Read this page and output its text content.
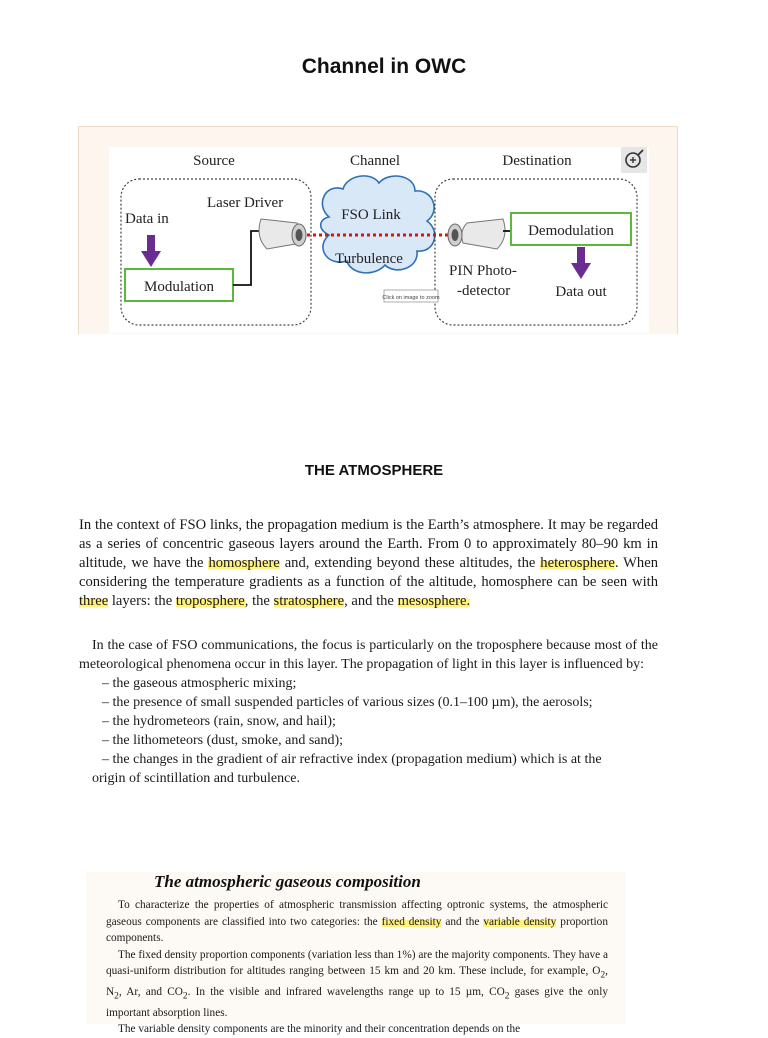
Channel in OWC
Source	Channel	Destination
Data in
Laser Driver
Modulation
FSO Link
Turbulence
Demodulation
PIN Photo-
-detector	Data out
Click on image to zoom
THE ATMOSPHERE
In the context of FSO links, the propagation medium is the Earth’s atmosphere. It may be regarded as a series of concentric gaseous layers around the Earth. From 0 to approximately 80–90 km in altitude, we have the homosphere and, extending beyond these altitudes, the heterosphere. When considering the temperature gradients as a function of the altitude, homosphere can be seen with three layers: the troposphere, the stratosphere, and the mesosphere.

In the case of FSO communications, the focus is particularly on the troposphere because most of the meteorological phenomena occur in this layer. The propagation of light in this layer is influenced by:

– the gaseous atmospheric mixing;
– the presence of small suspended particles of various sizes (0.1–100 µm), the aerosols;
– the hydrometeors (rain, snow, and hail);
– the lithometeors (dust, smoke, and sand);
– the changes in the gradient of air refractive index (propagation medium) which is at the
origin of scintillation and turbulence.
The atmospheric gaseous composition

To characterize the properties of atmospheric transmission affecting optronic systems, the atmospheric gaseous components are classified into two categories: the fixed density and the variable density proportion components.

The fixed density proportion components (variation less than 1%) are the majority components. They have a quasi-uniform distribution for altitudes ranging between 15 km and 20 km. These include, for example, $O_2$, $N_2$, Ar, and $CO_2$. In the visible and infrared wavelengths range up to 15 µm, $CO_2$ gases give the only important absorption lines.

The variable density components are the minority and their concentration depends on the
